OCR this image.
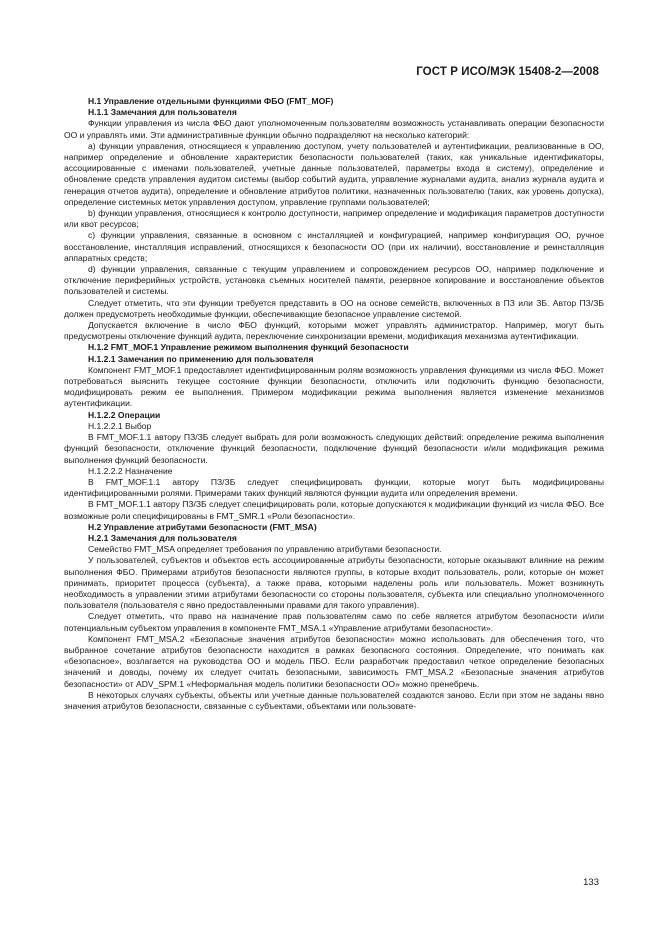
ГОСТ Р ИСО/МЭК 15408-2—2008
H.1 Управление отдельными функциями ФБО (FMT_MOF)
H.1.1 Замечания для пользователя
Функции управления из числа ФБО дают уполномоченным пользователям возможность устанавливать операции безопасности ОО и управлять ими. Эти административные функции обычно подразделяют на несколько категорий:
а) функции управления, относящиеся к управлению доступом, учету пользователей и аутентификации, реализованные в ОО, например определение и обновление характеристик безопасности пользователей (таких, как уникальные идентификаторы, ассоциированные с именами пользователей, учетные данные пользователей, параметры входа в систему), определение и обновление средств управления аудитом системы (выбор событий аудита, управление журналами аудита, анализ журнала аудита и генерация отчетов аудита), определение и обновление атрибутов политики, назначенных пользователю (таких, как уровень допуска), определение системных меток управления доступом, управление группами пользователей;
b) функции управления, относящиеся к контролю доступности, например определение и модификация параметров доступности или квот ресурсов;
c) функции управления, связанные в основном с инсталляцией и конфигурацией, например конфигурация ОО, ручное восстановление, инсталляция исправлений, относящихся к безопасности ОО (при их наличии), восстановление и реинсталляция аппаратных средств;
d) функции управления, связанные с текущим управлением и сопровождением ресурсов ОО, например подключение и отключение периферийных устройств, установка съемных носителей памяти, резервное копирование и восстановление объектов пользователей и системы.
Следует отметить, что эти функции требуется представить в ОО на основе семейств, включенных в ПЗ или ЗБ. Автор ПЗ/ЗБ должен предусмотреть необходимые функции, обеспечивающие безопасное управление системой.
Допускается включение в число ФБО функций, которыми может управлять администратор. Например, могут быть предусмотрены отключение функций аудита, переключение синхронизации времени, модификация механизма аутентификации.
H.1.2 FMT_MOF.1 Управление режимом выполнения функций безопасности
H.1.2.1 Замечания по применению для пользователя
Компонент FMT_MOF.1 предоставляет идентифицированным ролям возможность управления функциями из числа ФБО. Может потребоваться выяснить текущее состояние функции безопасности, отключить или подключить функцию безопасности, модифицировать режим ее выполнения. Примером модификации режима выполнения является изменение механизмов аутентификации.
H.1.2.2 Операции
H.1.2.2.1 Выбор
В FMT_MOF.1.1 автору ПЗ/ЗБ следует выбрать для роли возможность следующих действий: определение режима выполнения функций безопасности, отключение функций безопасности, подключение функций безопасности и/или модификация режима выполнения функций безопасности.
H.1.2.2.2 Назначение
В FMT_MOF.1.1 автору ПЗ/ЗБ следует специфицировать функции, которые могут быть модифицированы идентифицированными ролями. Примерами таких функций являются функции аудита или определения времени.
В FMT_MOF.1.1 автору ПЗ/ЗБ следует специфицировать роли, которые допускаются к модификации функций из числа ФБО. Все возможные роли специфицированы в FMT_SMR.1 «Роли безопасности».
H.2 Управление атрибутами безопасности (FMT_MSA)
H.2.1 Замечания для пользователя
Семейство FMT_MSA определяет требования по управлению атрибутами безопасности.
У пользователей, субъектов и объектов есть ассоциированные атрибуты безопасности, которые оказывают влияние на режим выполнения ФБО. Примерами атрибутов безопасности являются группы, в которые входит пользователь, роли, которые он может принимать, приоритет процесса (субъекта), а также права, которыми наделены роль или пользователь. Может возникнуть необходимость в управлении этими атрибутами безопасности со стороны пользователя, субъекта или специально уполномоченного пользователя (пользователя с явно предоставленными правами для такого управления).
Следует отметить, что право на назначение прав пользователям само по себе является атрибутом безопасности и/или потенциальным субъектом управления в компоненте FMT_MSA.1 «Управление атрибутами безопасности».
Компонент FMT_MSA.2 «Безопасные значения атрибутов безопасности» можно использовать для обеспечения того, что выбранное сочетание атрибутов безопасности находится в рамках безопасного состояния. Определение, что понимать как «безопасное», возлагается на руководства ОО и модель ПБО. Если разработчик предоставил четкое определение безопасных значений и доводы, почему их следует считать безопасными, зависимость FMT_MSA.2 «Безопасные значения атрибутов безопасности» от ADV_SPM.1 «Неформальная модель политики безопасности ОО» можно пренебречь.
В некоторых случаях субъекты, объекты или учетные данные пользователей создаются заново. Если при этом не заданы явно значения атрибутов безопасности, связанные с субъектами, объектами или пользовате-
133
